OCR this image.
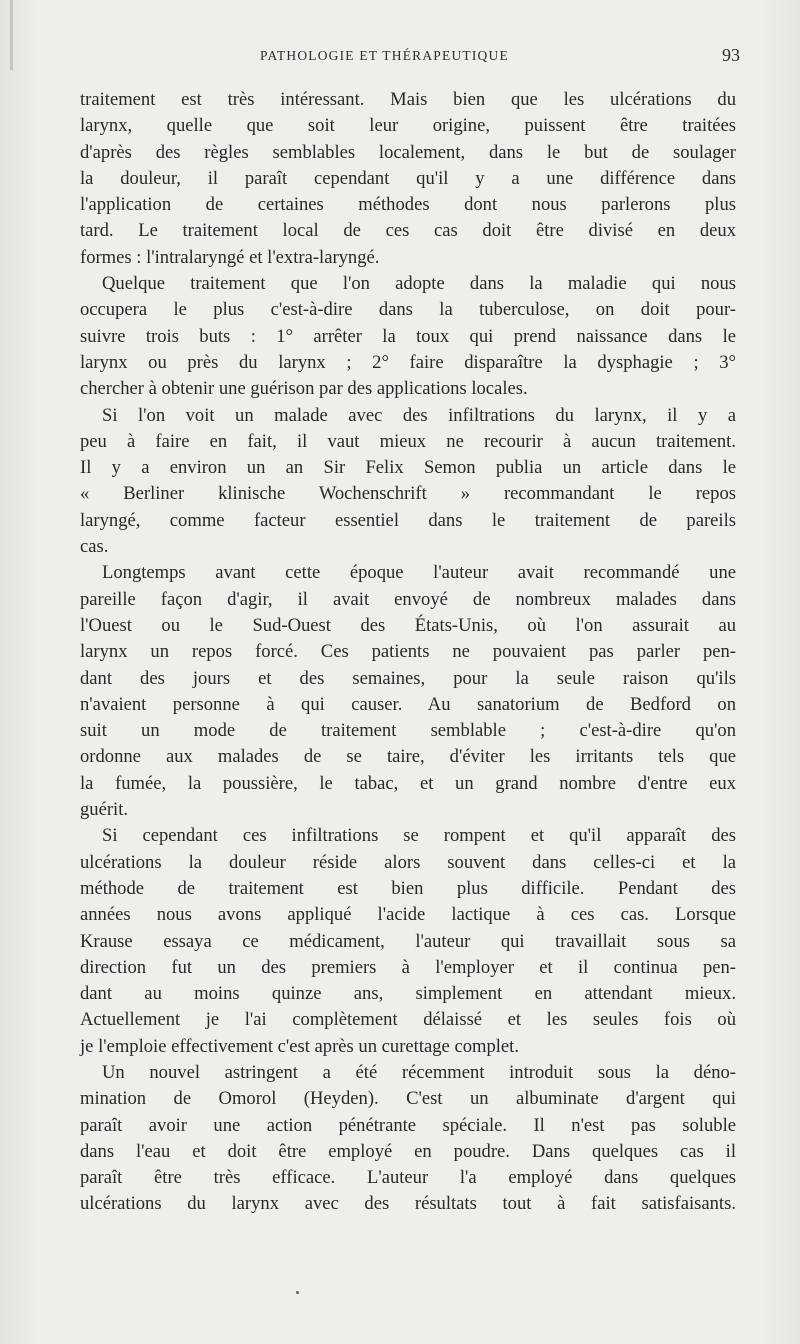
PATHOLOGIE ET THÉRAPEUTIQUE	93
traitement est très intéressant. Mais bien que les ulcérations du
larynx, quelle que soit leur origine, puissent être traitées
d'après des règles semblables localement, dans le but de soulager
la douleur, il paraît cependant qu'il y a une différence dans
l'application de certaines méthodes dont nous parlerons plus
tard. Le traitement local de ces cas doit être divisé en deux
formes : l'intralaryngé et l'extra-laryngé.
Quelque traitement que l'on adopte dans la maladie qui nous
occupera le plus c'est-à-dire dans la tuberculose, on doit pour-
suivre trois buts : 1° arrêter la toux qui prend naissance dans le
larynx ou près du larynx ; 2° faire disparaître la dysphagie ; 3°
chercher à obtenir une guérison par des applications locales.
Si l'on voit un malade avec des infiltrations du larynx, il y a
peu à faire en fait, il vaut mieux ne recourir à aucun traitement.
Il y a environ un an Sir Felix Semon publia un article dans le
« Berliner klinische Wochenschrift » recommandant le repos
laryngé, comme facteur essentiel dans le traitement de pareils
cas.
Longtemps avant cette époque l'auteur avait recommandé une
pareille façon d'agir, il avait envoyé de nombreux malades dans
l'Ouest ou le Sud-Ouest des États-Unis, où l'on assurait au
larynx un repos forcé. Ces patients ne pouvaient pas parler pen-
dant des jours et des semaines, pour la seule raison qu'ils
n'avaient personne à qui causer. Au sanatorium de Bedford on
suit un mode de traitement semblable ; c'est-à-dire qu'on
ordonne aux malades de se taire, d'éviter les irritants tels que
la fumée, la poussière, le tabac, et un grand nombre d'entre eux
guérit.
Si cependant ces infiltrations se rompent et qu'il apparaît des
ulcérations la douleur réside alors souvent dans celles-ci et la
méthode de traitement est bien plus difficile. Pendant des
années nous avons appliqué l'acide lactique à ces cas. Lorsque
Krause essaya ce médicament, l'auteur qui travaillait sous sa
direction fut un des premiers à l'employer et il continua pen-
dant au moins quinze ans, simplement en attendant mieux.
Actuellement je l'ai complètement délaissé et les seules fois où
je l'emploie effectivement c'est après un curettage complet.
Un nouvel astringent a été récemment introduit sous la déno-
mination de Omorol (Heyden). C'est un albuminate d'argent qui
paraît avoir une action pénétrante spéciale. Il n'est pas soluble
dans l'eau et doit être employé en poudre. Dans quelques cas il
paraît être très efficace. L'auteur l'a employé dans quelques
ulcérations du larynx avec des résultats tout à fait satisfaisants.
